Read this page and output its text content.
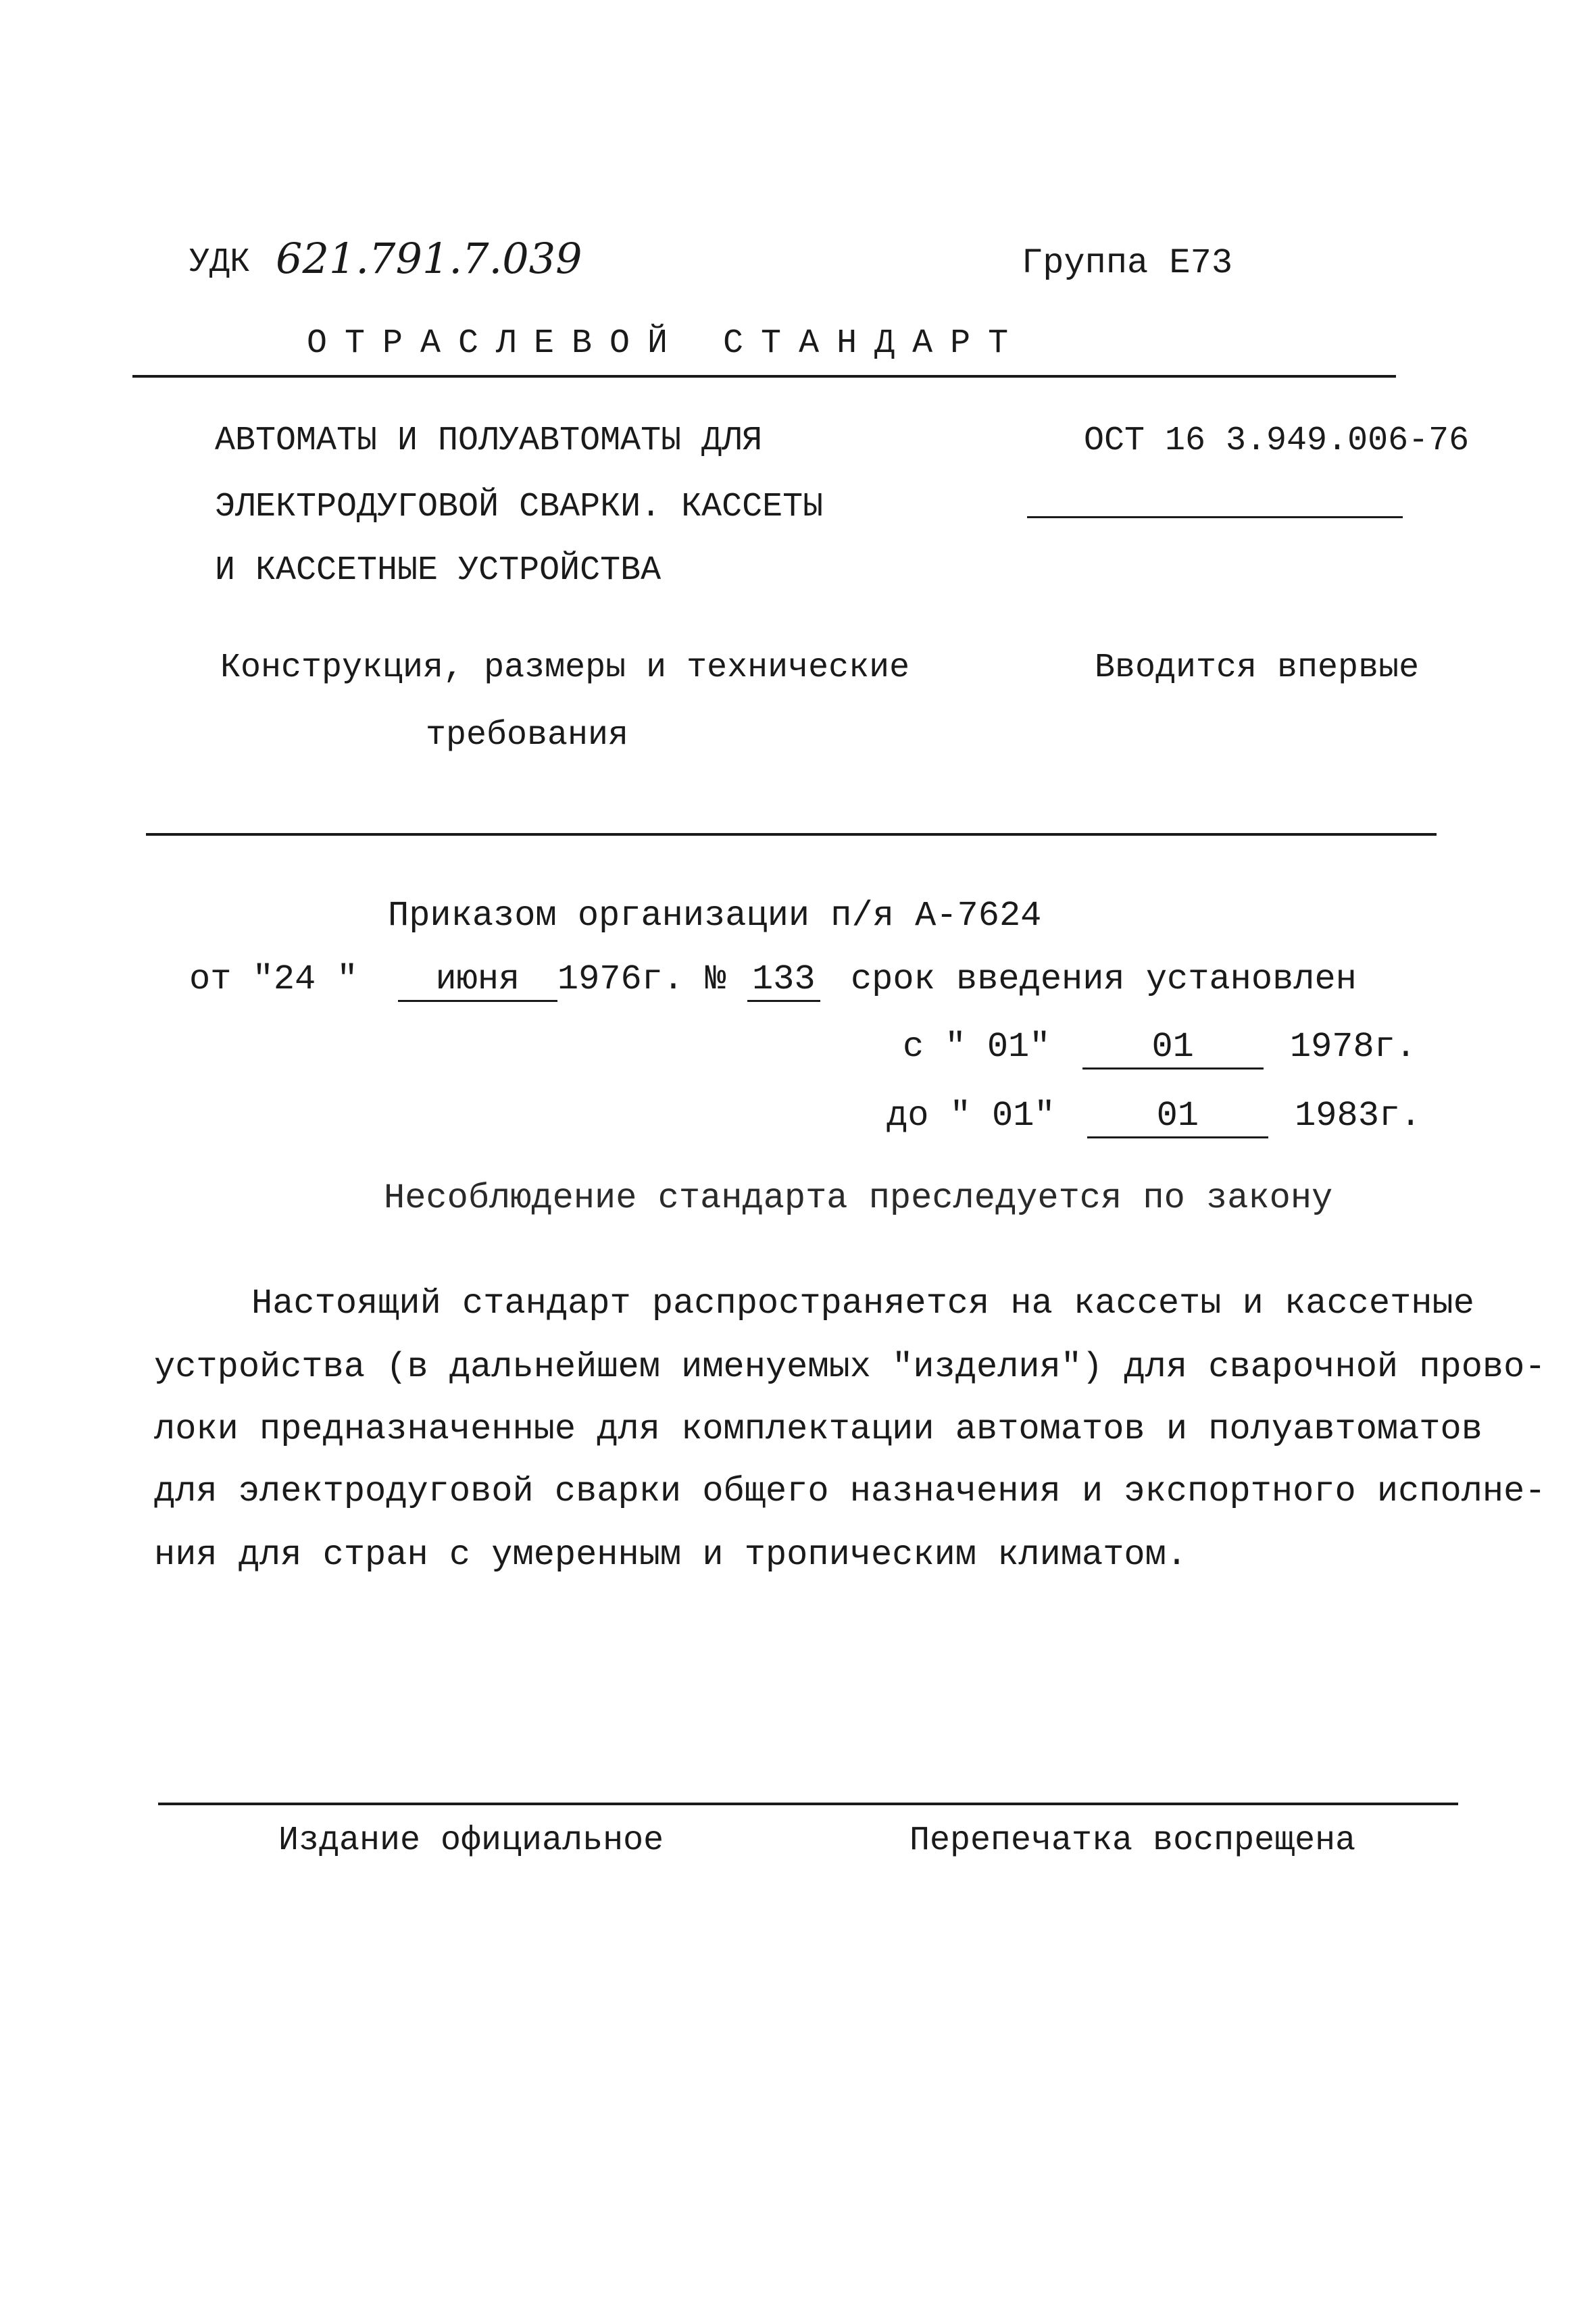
УДК 621.791.7.039	Группа Е73
ОТРАСЛЕВОЙ СТАНДАРТ
АВТОМАТЫ И ПОЛУАВТОМАТЫ ДЛЯ
ЭЛЕКТРОДУГОВОЙ СВАРКИ. КАССЕТЫ
И КАССЕТНЫЕ УСТРОЙСТВА
ОСТ 16 3.949.006-76
Конструкция, размеры и технические
требования
Вводится впервые
Приказом организации п/я А-7624
от "24 " июня 1976г. № 133 срок введения установлен
с " 01"	01	1978г.
до " 01"	01	1983г.
Несоблюдение стандарта преследуется по закону
Настоящий стандарт распространяется на кассеты и кассетные
устройства (в дальнейшем именуемых "изделия") для сварочной прово-
локи предназначенные для комплектации автоматов и полуавтоматов
для электродуговой сварки общего назначения и экспортного исполне-
ния для стран с умеренным и тропическим климатом.
Издание официальное	Перепечатка воспрещена
